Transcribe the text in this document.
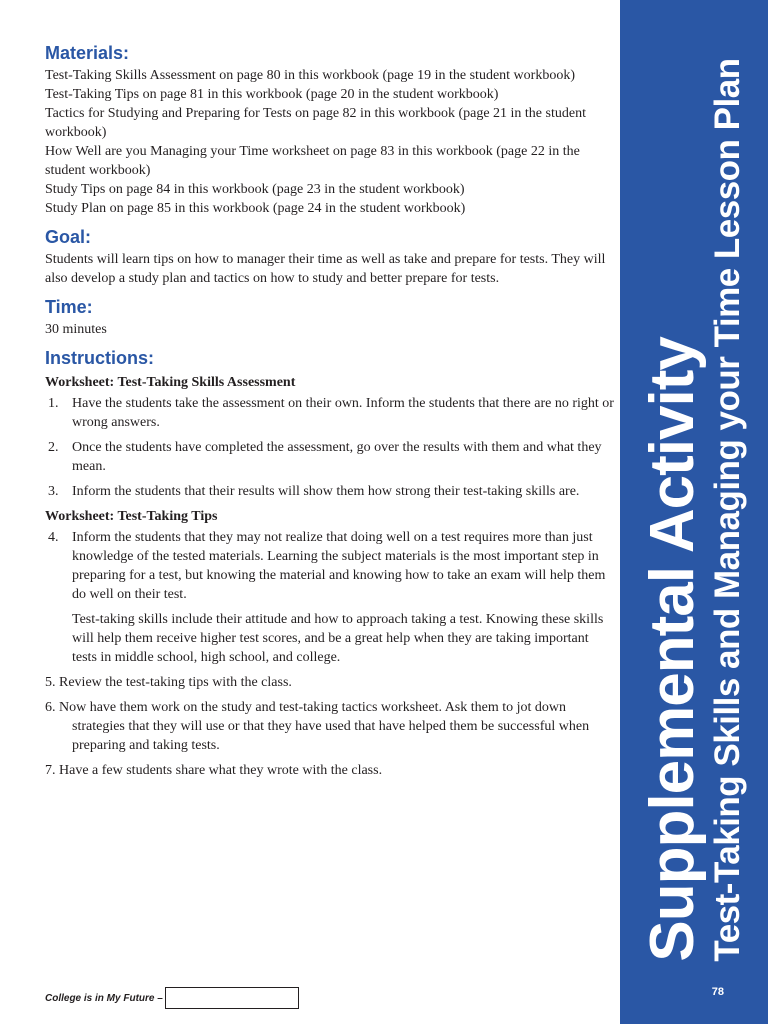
Materials:

Test-Taking Skills Assessment on page 80 in this workbook (page 19 in the student workbook)

Test-Taking Tips on page 81 in this workbook (page 20 in the student workbook)

Tactics for Studying and Preparing for Tests on page 82 in this workbook (page 21 in the student workbook)

How Well are you Managing your Time worksheet on page 83 in this workbook (page 22 in the student workbook)

Study Tips on page 84 in this workbook (page 23 in the student workbook)

Study Plan on page 85 in this workbook (page 24 in the student workbook)

Goal:

Students will learn tips on how to manager their time as well as take and prepare for tests. They will also develop a study plan and tactics on how to study and better prepare for tests.

Time:

30 minutes

Instructions:
Worksheet: Test-Taking Skills Assessment
1. Have the students take the assessment on their own. Inform the students that there are no right or wrong answers.
2. Once the students have completed the assessment, go over the results with them and what they mean.
3. Inform the students that their results will show them how strong their test-taking skills are.
Worksheet: Test-Taking Tips
4. Inform the students that they may not realize that doing well on a test requires more than just knowledge of the tested materials. Learning the subject materials is the most important step in preparing for a test, but knowing the material and knowing how to take an exam will help them do well on their test.

Test-taking skills include their attitude and how to approach taking a test. Knowing these skills will help them receive higher test scores, and be a great help when they are taking important tests in middle school, high school, and college.

5. Review the test-taking tips with the class.
6. Now have them work on the study and test-taking tactics worksheet. Ask them to jot down strategies that they will use or that they have used that have helped them be successful when preparing and taking tests.
7. Have a few students share what they wrote with the class.	Supplemental Activity Test-Taking Skills and Managing your Time Lesson Plan
78
College is in My Future –
